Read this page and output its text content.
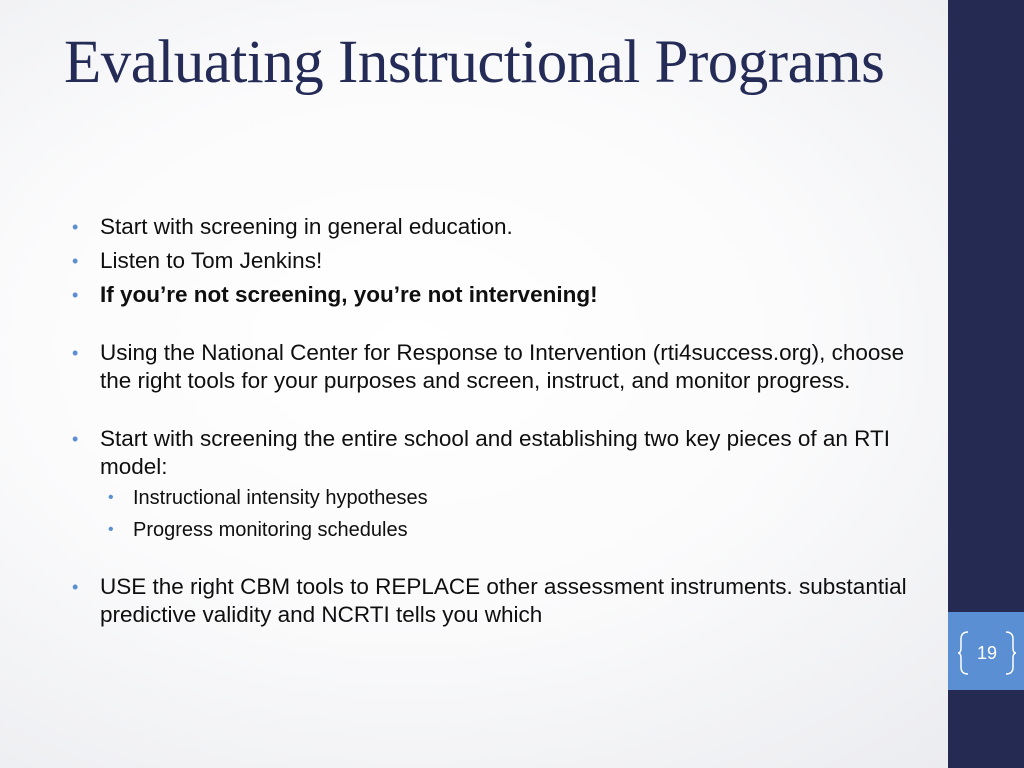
19
Evaluating Instructional Programs
• Start with screening in general education.
• Listen to Tom Jenkins!
• If you’re not screening, you’re not intervening!
• Using the National Center for Response to Intervention (rti4success.org), choose the right tools for your purposes and screen, instruct, and monitor progress.
• Start with screening the entire school and establishing two key pieces of an RTI model:
• Instructional intensity hypotheses
• Progress monitoring schedules
• USE the right CBM tools to REPLACE other assessment instruments. substantial predictive validity and NCRTI tells you which
